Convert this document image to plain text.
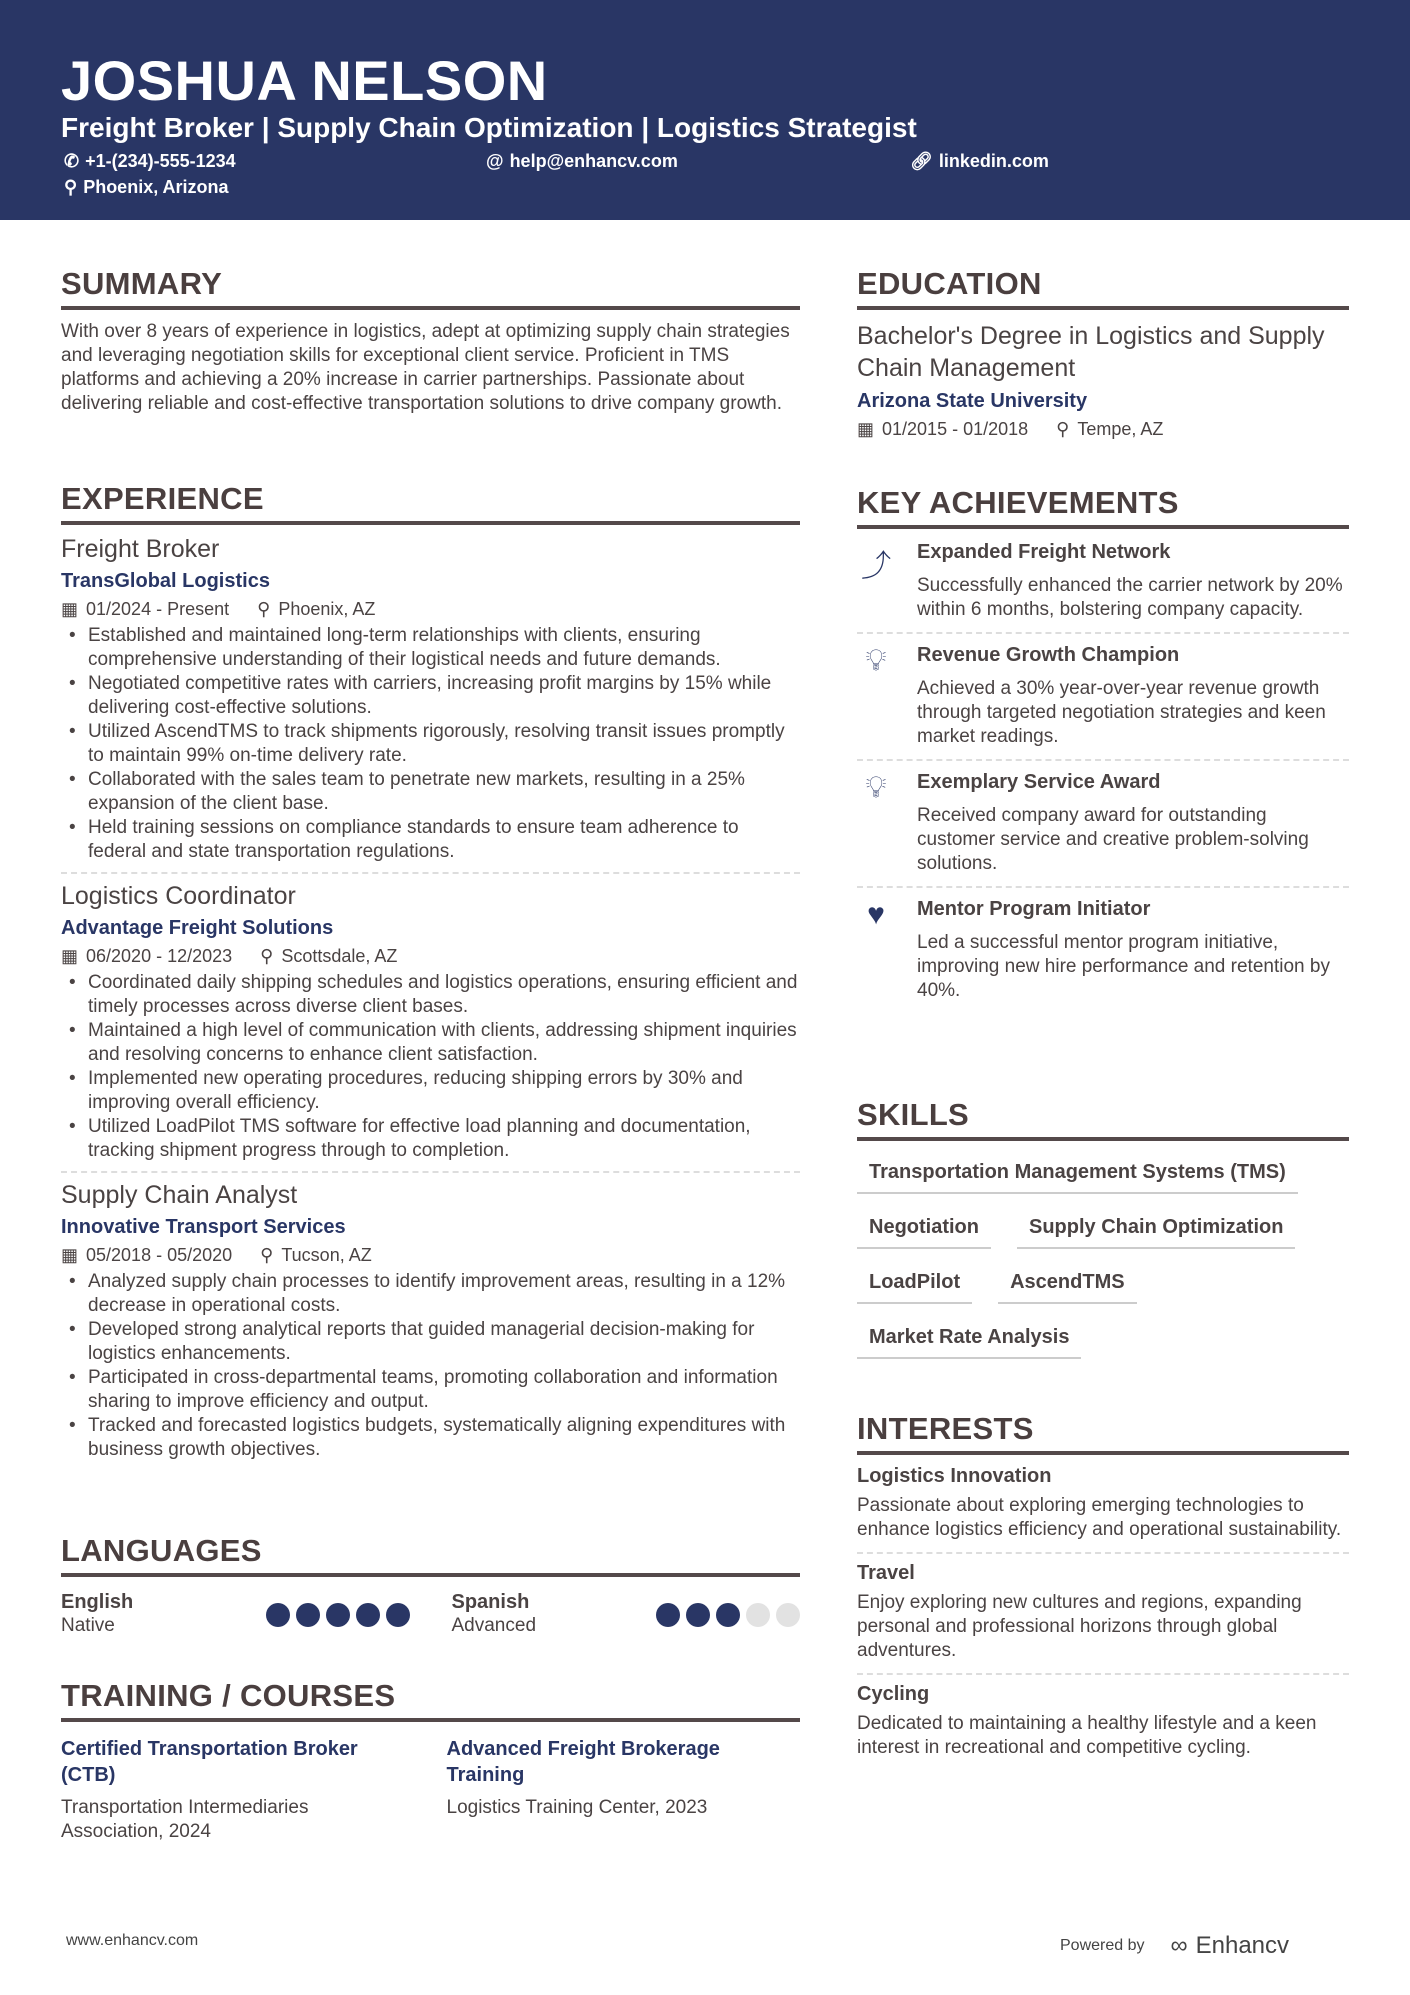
JOSHUA NELSON
Freight Broker | Supply Chain Optimization | Logistics Strategist
✆ +1-(234)-555-1234	@ help@enhancv.com	🔗︎ linkedin.com
⚲ Phoenix, Arizona
SUMMARY
With over 8 years of experience in logistics, adept at optimizing supply chain strategies and leveraging negotiation skills for exceptional client service. Proficient in TMS platforms and achieving a 20% increase in carrier partnerships. Passionate about delivering reliable and cost-effective transportation solutions to drive company growth.
EXPERIENCE
Freight Broker
TransGlobal Logistics
▦ 01/2024 - Present ⚲ Phoenix, AZ
• Established and maintained long-term relationships with clients, ensuring comprehensive understanding of their logistical needs and future demands.
• Negotiated competitive rates with carriers, increasing profit margins by 15% while delivering cost-effective solutions.
• Utilized AscendTMS to track shipments rigorously, resolving transit issues promptly to maintain 99% on-time delivery rate.
• Collaborated with the sales team to penetrate new markets, resulting in a 25% expansion of the client base.
• Held training sessions on compliance standards to ensure team adherence to federal and state transportation regulations.
Logistics Coordinator
Advantage Freight Solutions
▦ 06/2020 - 12/2023 ⚲ Scottsdale, AZ
• Coordinated daily shipping schedules and logistics operations, ensuring efficient and timely processes across diverse client bases.
• Maintained a high level of communication with clients, addressing shipment inquiries and resolving concerns to enhance client satisfaction.
• Implemented new operating procedures, reducing shipping errors by 30% and improving overall efficiency.
• Utilized LoadPilot TMS software for effective load planning and documentation, tracking shipment progress through to completion.
Supply Chain Analyst
Innovative Transport Services
▦ 05/2018 - 05/2020 ⚲ Tucson, AZ
• Analyzed supply chain processes to identify improvement areas, resulting in a 12% decrease in operational costs.
• Developed strong analytical reports that guided managerial decision-making for logistics enhancements.
• Participated in cross-departmental teams, promoting collaboration and information sharing to improve efficiency and output.
• Tracked and forecasted logistics budgets, systematically aligning expenditures with business growth objectives.
LANGUAGES
English
Native
Spanish
Advanced
TRAINING / COURSES
Certified Transportation Broker (CTB)
Transportation Intermediaries Association, 2024
Advanced Freight Brokerage Training
Logistics Training Center, 2023
EDUCATION
Bachelor's Degree in Logistics and Supply Chain Management
Arizona State University
▦ 01/2015 - 01/2018 ⚲ Tempe, AZ
KEY ACHIEVEMENTS
⤴ Expanded Freight Network
Successfully enhanced the carrier network by 20% within 6 months, bolstering company capacity.
💡︎	Revenue Growth Champion
Achieved a 30% year-over-year revenue growth through targeted negotiation strategies and keen market readings.
💡︎	Exemplary Service Award
Received company award for outstanding customer service and creative problem-solving solutions.
♥	Mentor Program Initiator
Led a successful mentor program initiative, improving new hire performance and retention by 40%.
SKILLS
Transportation Management Systems (TMS)
Negotiation	Supply Chain Optimization
LoadPilot	AscendTMS
Market Rate Analysis
INTERESTS
Logistics Innovation
Passionate about exploring emerging technologies to enhance logistics efficiency and operational sustainability.
Travel
Enjoy exploring new cultures and regions, expanding personal and professional horizons through global adventures.
Cycling
Dedicated to maintaining a healthy lifestyle and a keen interest in recreational and competitive cycling.
www.enhancv.com	Powered by ∞ Enhancv
